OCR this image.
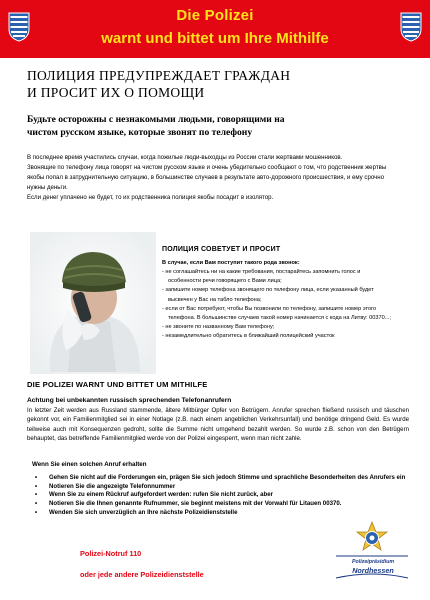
Die Polizei
warnt und bittet um Ihre Mithilfe
ПОЛИЦИЯ ПРЕДУПРЕЖДАЕТ ГРАЖДАН
И ПРОСИТ ИХ О ПОМОЩИ
Будьте осторожны с незнакомыми людьми, говорящими на
чистом русском языке, которые звонят по телефону

В последнее время участились случаи, когда пожилые люди-выходцы из России стали жертвами мошенников.

Звонящие по телефону лица говорят на чистом русском языке и очень убедительно сообщают о том, что родственник жертвы якобы попал в затруднительную ситуацию, в большинстве случаев в результате авто-дорожного происшествия, и ему срочно нужны деньги.

Если денег уплачено не будет, то их родственника полиция якобы посадит в изолятор.

ПОЛИЦИЯ СОВЕТУЕТ И ПРОСИТ
В случае, если Вам поступит такого рода звонок:
- не соглашайтесь ни на какие требования, постарайтесь запомнить голос и особенности речи говорящего с Вами лица;
- запишите номер телефона звонящего по телефону лица, если указанный будет высвечен у Вас на табло телефона;
- если от Вас потребуют, чтобы Вы позвонили по телефону, запишите номер этого телефона. В большинстве случаев такой номер начинается с кода на Литву: 00370...;
- не звоните по названному Вам телефону;
- незамедлительно обратитесь в ближайший полицейский участок
DIE POLIZEI WARNT UND BITTET UM MITHILFE
Achtung bei unbekannten russisch sprechenden Telefonanrufern
In letzter Zeit werden aus Russland stammende, ältere Mitbürger Opfer von Betrügern. Anrufer sprechen fließend russisch und täuschen gekonnt vor, ein Familienmitglied sei in einer Notlage (z.B. nach einem angeblichen Verkehrsunfall) und benötige dringend Geld. Es wurde teilweise auch mit Konsequenzen gedroht, sollte die Summe nicht umgehend bezahlt werden. So wurde z.B. schon von den Betrügern behauptet, das betreffende Familienmitglied werde von der Polizei eingesperrt, wenn man nicht zahle.
Wenn Sie einen solchen Anruf erhalten
• Gehen Sie nicht auf die Forderungen ein, prägen Sie sich jedoch Stimme und sprachliche Besonderheiten des Anrufers ein
• Notieren Sie die angezeigte Telefonnummer
• Wenn Sie zu einem Rückruf aufgefordert werden: rufen Sie nicht zurück, aber
• Notieren Sie die Ihnen genannte Rufnummer, sie beginnt meistens mit der Vorwahl für Litauen 00370.
• Wenden Sie sich unverzüglich an Ihre nächste Polizeidienststelle
Polizei-Notruf 110
oder jede andere Polizeidienststelle
Polizeipräsidium
Nordhessen
